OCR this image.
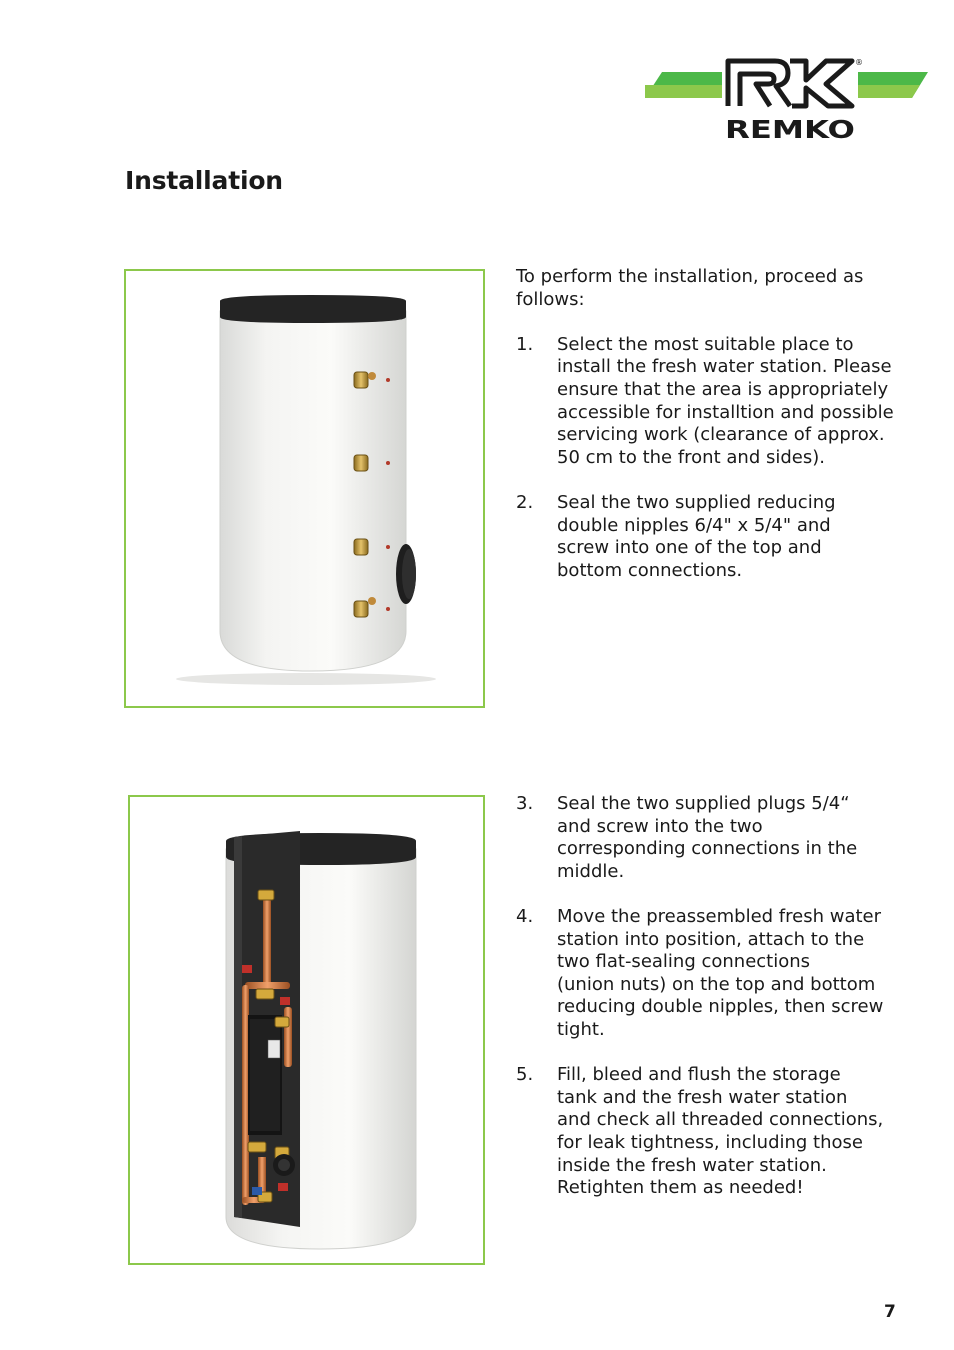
®
REMKO
Installation

To perform the installation, proceed as follows:

1.	Select the most suitable place to
install the fresh water station. Please
ensure that the area is appropriately
accessible for installtion and possible
servicing work (clearance of approx.
50 cm to the front and sides).
2.	Seal the two supplied reducing
double nipples 6/4" x 5/4" and
screw into one of the top and
bottom connections.
3.	Seal the two supplied plugs 5/4“
and screw into the two
corresponding connections in the
middle.
4.	Move the preassembled fresh water
station into position, attach to the
two flat-sealing connections
(union nuts) on the top and bottom
reducing double nipples, then screw
tight.
5.	Fill, bleed and flush the storage
tank and the fresh water station
and check all threaded connections,
for leak tightness, including those
inside the fresh water station.
Retighten them as needed!
7
